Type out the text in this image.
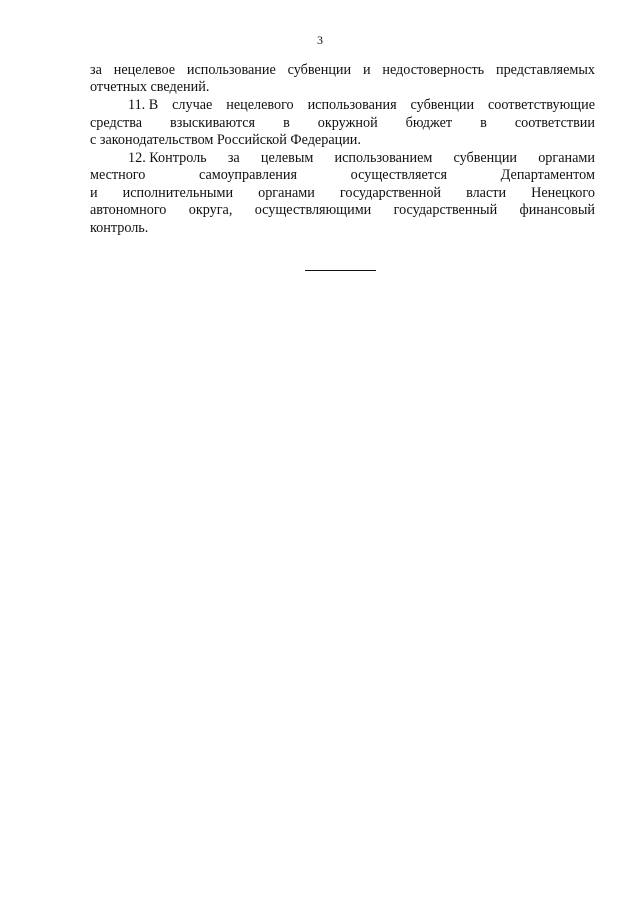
3
за нецелевое использование субвенции и недостоверность представляемых
отчетных сведений.
11. В случае нецелевого использования субвенции соответствующие
средства взыскиваются в окружной бюджет в соответствии
с законодательством Российской Федерации.
12. Контроль за целевым использованием субвенции органами
местного	самоуправления	осуществляется	Департаментом
и исполнительными органами государственной власти Ненецкого
автономного округа, осуществляющими государственный финансовый
контроль.
